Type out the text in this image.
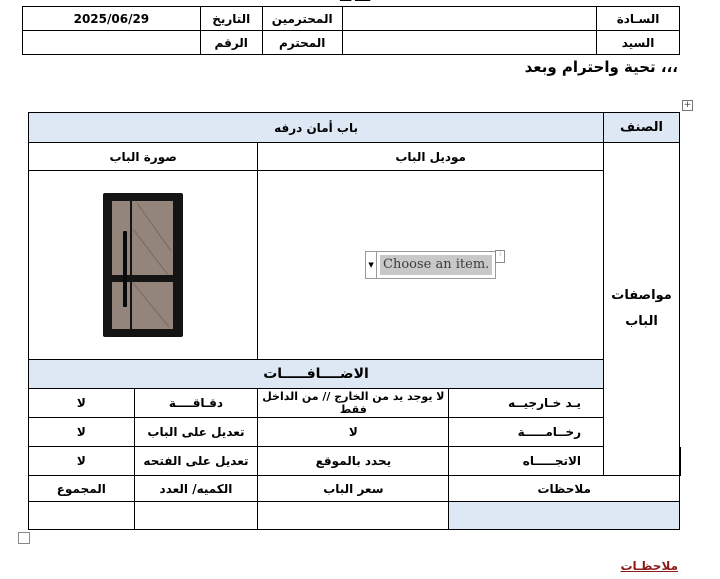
2025/06/29	التاريخ	المحترمين		السـادة
	الرقم	المحترم		السيد
تحية واحترام وبعد ،،،
+
باب أمان درفه				الصنف	
صورة الباب		موديل الباب		مواصفات الباب	

▼ Choose an item.
⋮			

الاضــــافـــــات					
لا	دقـاقــــة	لا يوجد يد من الخارج // من الداخل فقط	يـد خـارجيــه		
لا	تعديل على الباب	لا	رخــامـــــة		
لا	تعديل على الفتحه	يحدد بالموقع	الاتجـــــاه		
المجموع	الكميه/ العدد	سعر الباب	ملاحظات		

ملاحظـات
